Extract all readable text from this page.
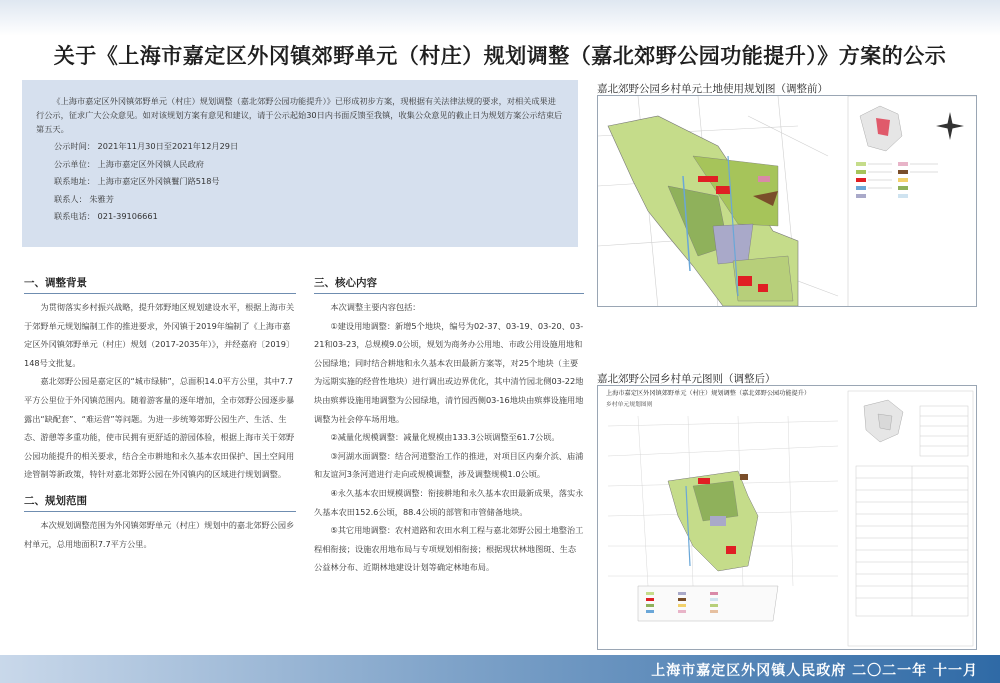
关于《上海市嘉定区外冈镇郊野单元（村庄）规划调整（嘉北郊野公园功能提升）》方案的公示

《上海市嘉定区外冈镇郊野单元（村庄）规划调整（嘉北郊野公园功能提升）》已形成初步方案，现根据有关法律法规的要求，对相关成果进行公示，征求广大公众意见。如对该规划方案有意见和建议，请于公示起始30日内书面反馈至我镇，收集公众意见的截止日为规划方案公示结束后第五天。

公示时间： 2021年11月30日至2021年12月29日

公示单位： 上海市嘉定区外冈镇人民政府

联系地址： 上海市嘉定区外冈镇鬟门路518号

联系人： 朱雅芳

联系电话： 021-39106661

一、调整背景

为贯彻落实乡村振兴战略，提升郊野地区规划建设水平，根据上海市关于郊野单元规划编制工作的推进要求，外冈镇于2019年编制了《上海市嘉定区外冈镇郊野单元（村庄）规划（2017-2035年）》，并经嘉府〔2019〕148号文批复。

嘉北郊野公园是嘉定区的“城市绿肺”，总面积14.0平方公里，其中7.7平方公里位于外冈镇范围内。随着游客量的逐年增加，全市郊野公园逐步暴露出“缺配套”、“难运营”等问题。为进一步统筹郊野公园生产、生活、生态、游憩等多重功能，使市民拥有更舒适的游园体验，根据上海市关于郊野公园功能提升的相关要求，结合全市耕地和永久基本农田保护、国土空间用途管制等新政策，特针对嘉北郊野公园在外冈镇内的区域进行规划调整。

二、规划范围

本次规划调整范围为外冈镇郊野单元（村庄）规划中的嘉北郊野公园乡村单元，总用地面积7.7平方公里。

三、核心内容

本次调整主要内容包括：

①建设用地调整：新增5个地块，编号为02-37、03-19、03-20、03-21和03-23，总规模9.0公顷，规划为商务办公用地、市政公用设施用地和公园绿地；同时结合耕地和永久基本农田最新方案等，对25个地块（主要为远期实施的经营性地块）进行调出或边界优化，其中清竹园北侧03-22地块由殡葬设施用地调整为公园绿地，清竹园西侧03-16地块由殡葬设施用地调整为社会停车场用地。

②减量化规模调整：减量化规模由133.3公顷调整至61.7公顷。

③河湖水面调整：结合河道整治工作的推进，对项目区内秦介浜、庙浦和友谊河3条河道进行走向或规模调整，涉及调整规模1.0公顷。

④永久基本农田规模调整：衔接耕地和永久基本农田最新成果，落实永久基本农田152.6公顷，88.4公顷的部管和市管储备地块。

⑤其它用地调整：农村道路和农田水利工程与嘉北郊野公园土地整治工程相衔接；设施农用地布局与专项规划相衔接；根据现状林地图斑、生态公益林分布、近期林地建设计划等确定林地布局。

嘉北郊野公园乡村单元土地使用规划图（调整前）
嘉北郊野公园乡村单元图则（调整后）
上海市嘉定区外冈镇郊野单元（村庄）规划调整（嘉北郊野公园功能提升）
乡村单元规划图则
上海市嘉定区外冈镇人民政府 二〇二一年 十一月
